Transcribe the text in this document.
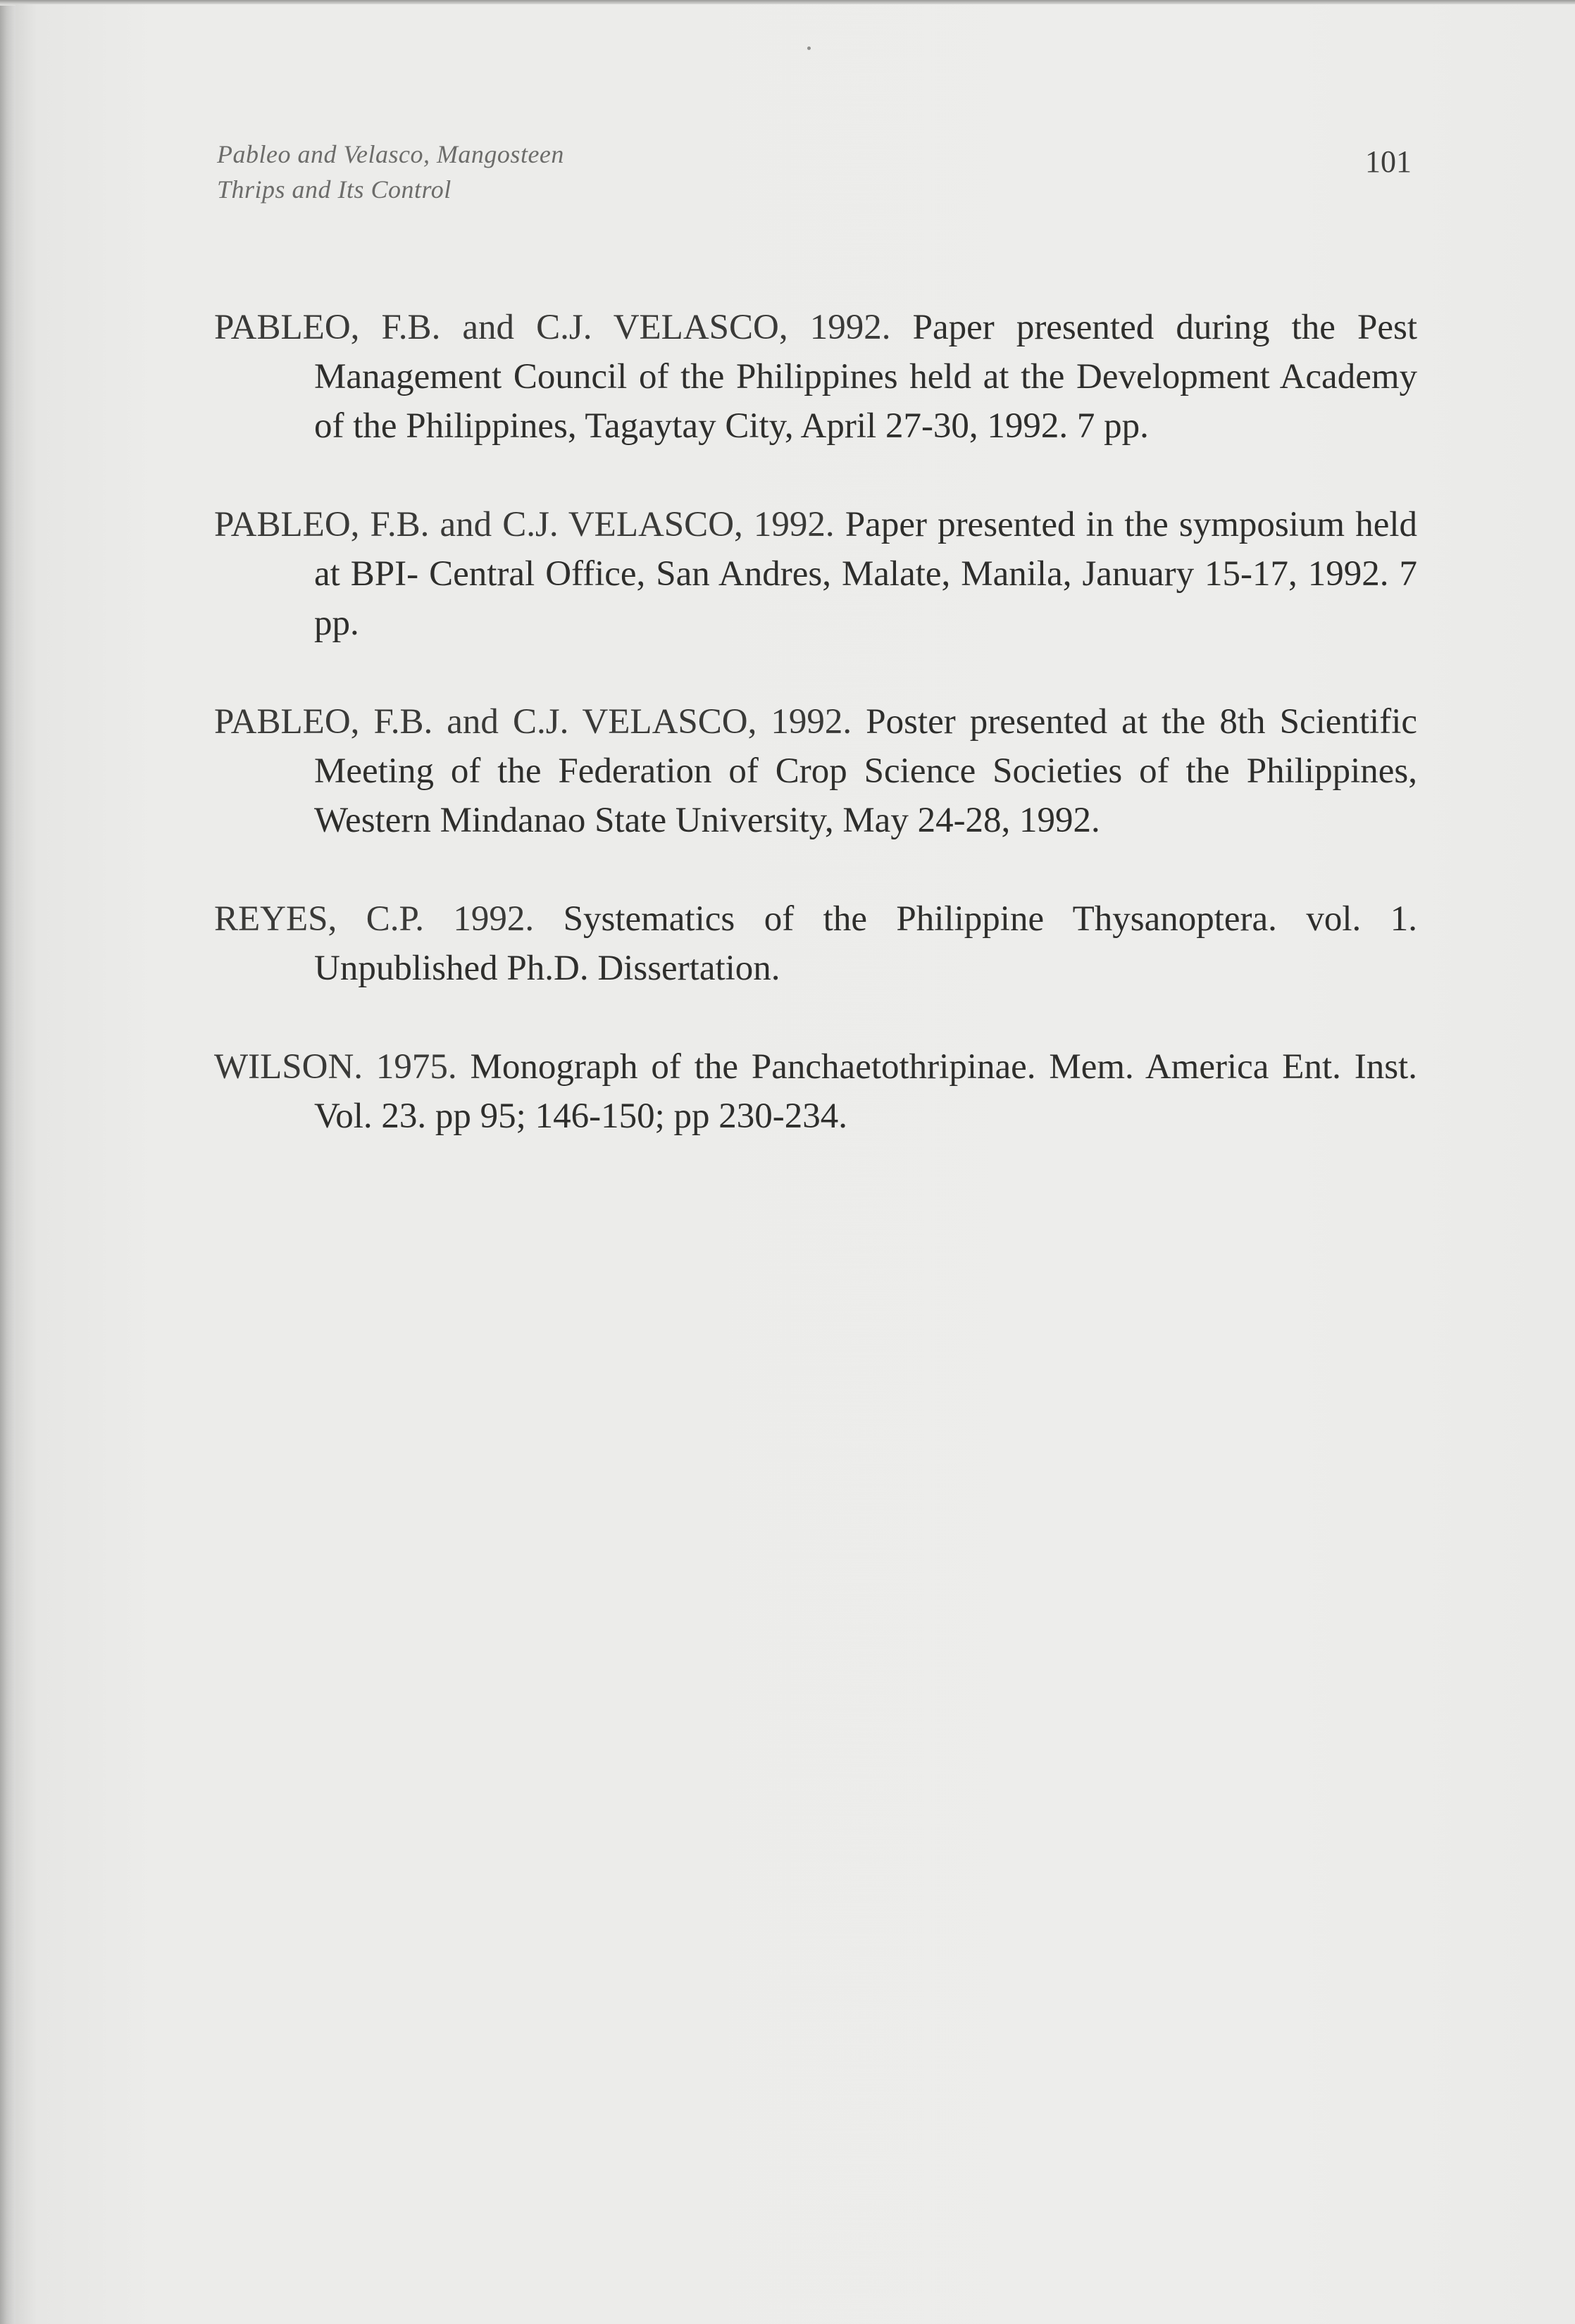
Pableo and Velasco, Mangosteen
Thrips and Its Control
101

PABLEO, F.B. and C.J. VELASCO, 1992. Paper presented during the Pest Management Council of the Philippines held at the Development Academy of the Philippines, Tagaytay City, April 27-30, 1992. 7 pp.

PABLEO, F.B. and C.J. VELASCO, 1992. Paper presented in the symposium held at BPI- Central Office, San Andres, Malate, Manila, January 15-17, 1992. 7 pp.

PABLEO, F.B. and C.J. VELASCO, 1992. Poster presented at the 8th Scientific Meeting of the Federation of Crop Science Societies of the Philippines, Western Mindanao State University, May 24-28, 1992.

REYES, C.P. 1992. Systematics of the Philippine Thysanoptera. vol. 1. Unpublished Ph.D. Dissertation.

WILSON. 1975. Monograph of the Panchaetothripinae. Mem. America Ent. Inst. Vol. 23. pp 95; 146-150; pp 230-234.
